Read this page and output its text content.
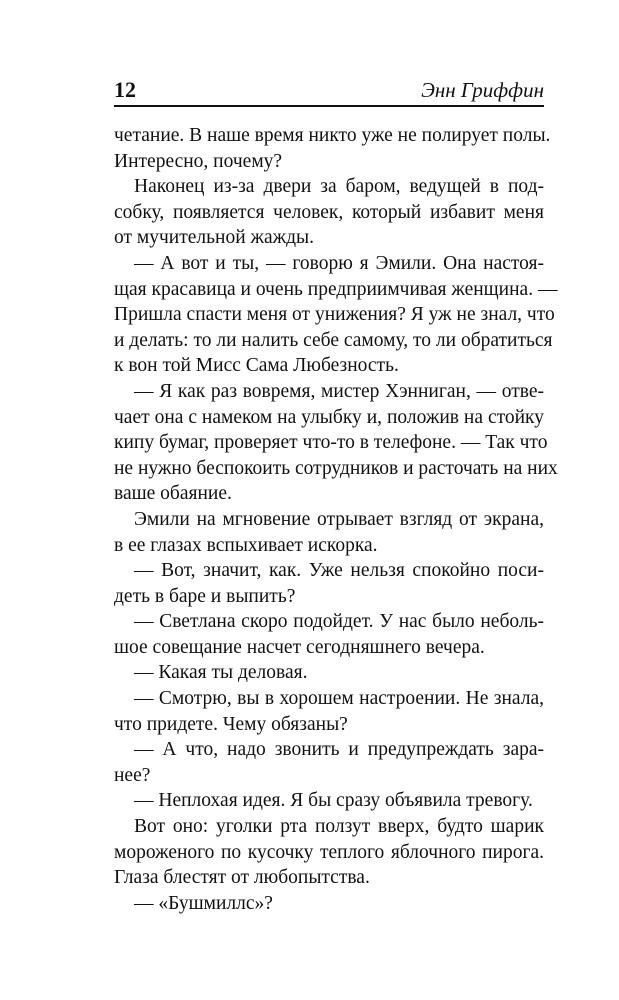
12	Энн Гриффин
четание. В наше время никто уже не полирует полы.
Интересно, почему?
Наконец из-за двери за баром, ведущей в под-
собку, появляется человек, который избавит меня
от мучительной жажды.
— А вот и ты, — говорю я Эмили. Она настоя-
щая красавица и очень предприимчивая женщина. —
Пришла спасти меня от унижения? Я уж не знал, что
и делать: то ли налить себе самому, то ли обратиться
к вон той Мисс Сама Любезность.
— Я как раз вовремя, мистер Хэнниган, — отве-
чает она с намеком на улыбку и, положив на стойку
кипу бумаг, проверяет что-то в телефоне. — Так что
не нужно беспокоить сотрудников и расточать на них
ваше обаяние.
Эмили на мгновение отрывает взгляд от экрана,
в ее глазах вспыхивает искорка.
— Вот, значит, как. Уже нельзя спокойно поси-
деть в баре и выпить?
— Светлана скоро подойдет. У нас было неболь-
шое совещание насчет сегодняшнего вечера.
— Какая ты деловая.
— Смотрю, вы в хорошем настроении. Не знала,
что придете. Чему обязаны?
— А что, надо звонить и предупреждать зара-
нее?
— Неплохая идея. Я бы сразу объявила тревогу.
Вот оно: уголки рта ползут вверх, будто шарик
мороженого по кусочку теплого яблочного пирога.
Глаза блестят от любопытства.
— «Бушмиллс»?
